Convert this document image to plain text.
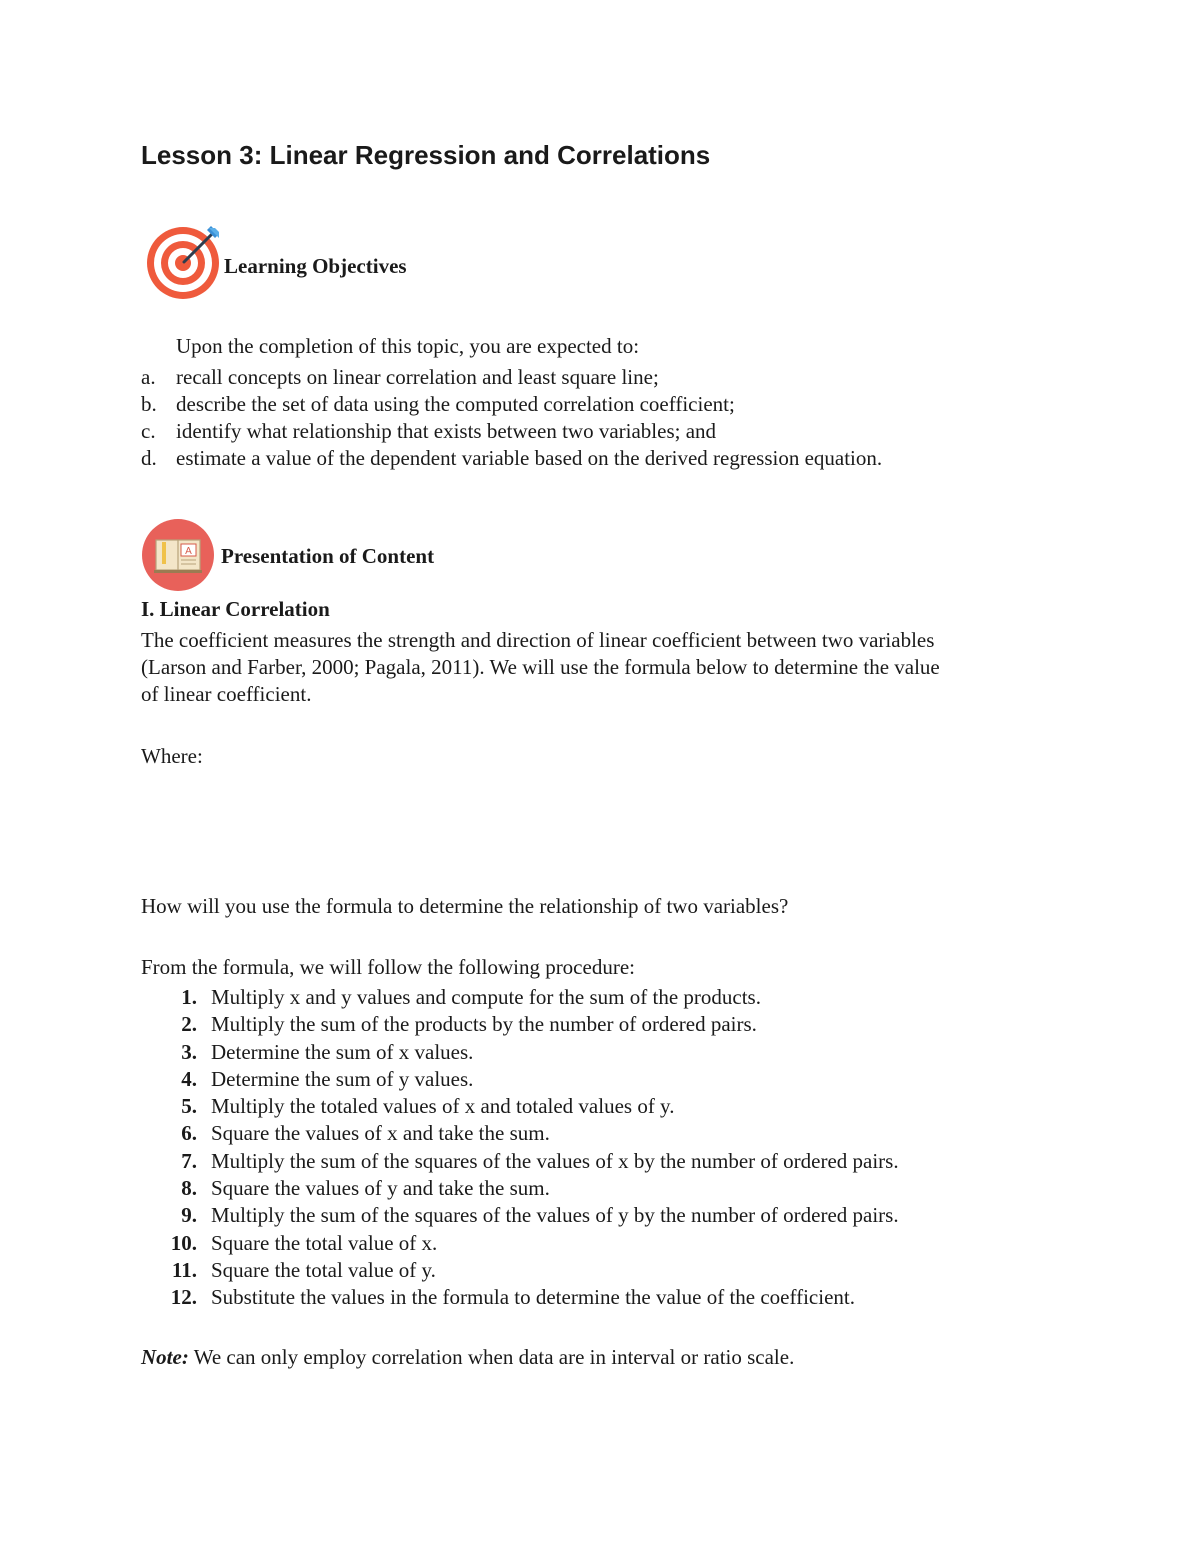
Lesson 3: Linear Regression and Correlations
Learning Objectives
Upon the completion of this topic, you are expected to:
a. recall concepts on linear correlation and least square line;
b. describe the set of data using the computed correlation coefficient;
c. identify what relationship that exists between two variables; and
d. estimate a value of the dependent variable based on the derived regression equation.
A Presentation of Content
I. Linear Correlation
The coefficient measures the strength and direction of linear coefficient between two variables
(Larson and Farber, 2000; Pagala, 2011). We will use the formula below to determine the value
of linear coefficient.
Where:
How will you use the formula to determine the relationship of two variables?
From the formula, we will follow the following procedure:
1. Multiply x and y values and compute for the sum of the products.
2. Multiply the sum of the products by the number of ordered pairs.
3. Determine the sum of x values.
4. Determine the sum of y values.
5. Multiply the totaled values of x and totaled values of y.
6. Square the values of x and take the sum.
7. Multiply the sum of the squares of the values of x by the number of ordered pairs.
8. Square the values of y and take the sum.
9. Multiply the sum of the squares of the values of y by the number of ordered pairs.
10. Square the total value of x.
11. Square the total value of y.
12. Substitute the values in the formula to determine the value of the coefficient.
Note: We can only employ correlation when data are in interval or ratio scale.
